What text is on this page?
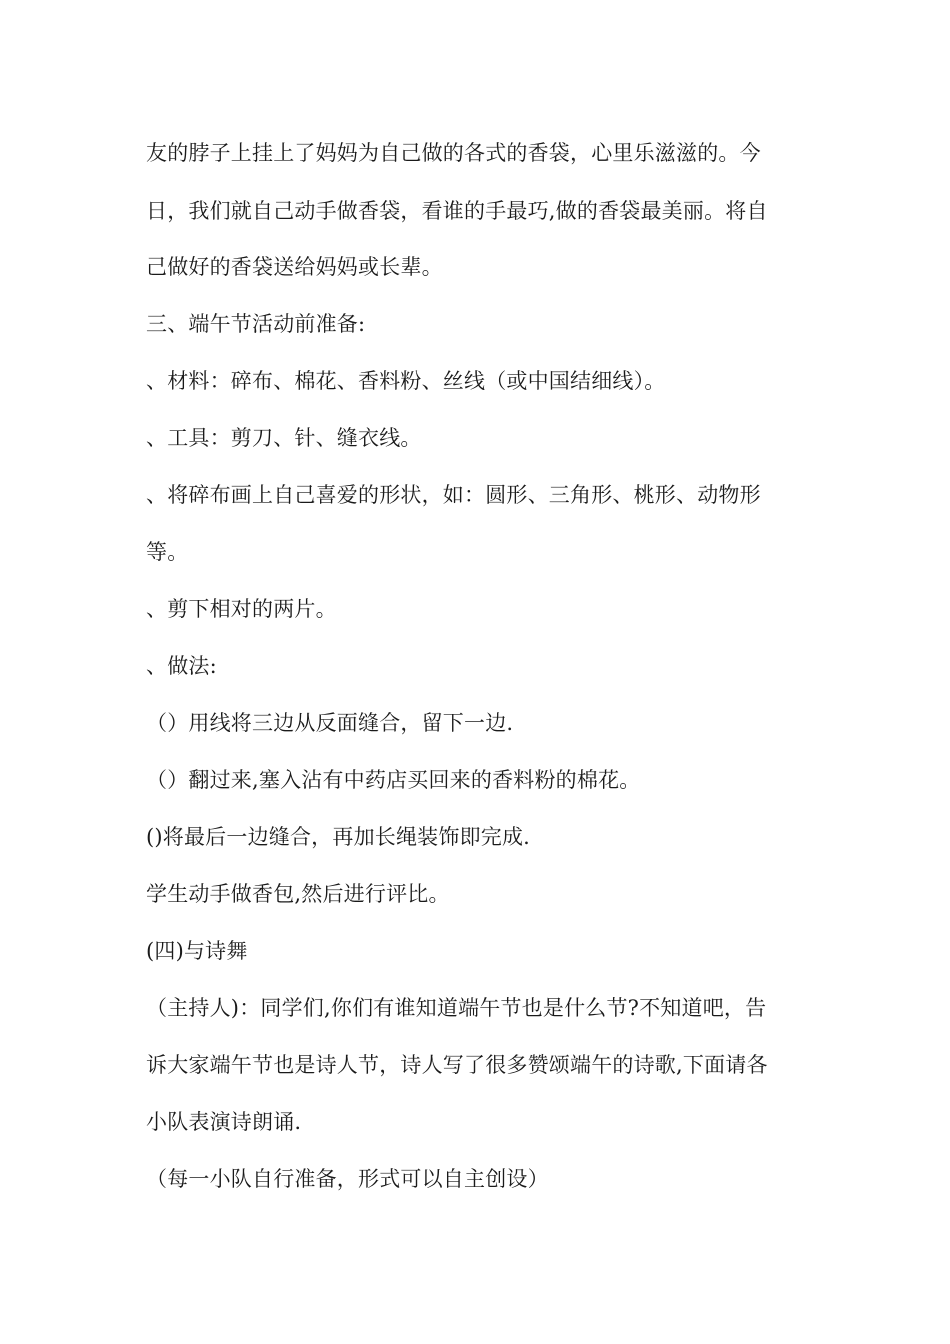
友的脖子上挂上了妈妈为自己做的各式的香袋，心里乐滋滋的。今
日，我们就自己动手做香袋，看谁的手最巧,做的香袋最美丽。将自
己做好的香袋送给妈妈或长辈。
三、端午节活动前准备:
、材料：碎布、棉花、香料粉、丝线（或中国结细线）。
、工具：剪刀、针、缝衣线。
、将碎布画上自己喜爱的形状，如：圆形、三角形、桃形、动物形
等。
、剪下相对的两片。
、做法:
（）用线将三边从反面缝合，留下一边.
（）翻过来,塞入沾有中药店买回来的香料粉的棉花。
()将最后一边缝合，再加长绳装饰即完成.
学生动手做香包,然后进行评比。
(四)与诗舞
（主持人)：同学们,你们有谁知道端午节也是什么节?不知道吧，告
诉大家端午节也是诗人节，诗人写了很多赞颂端午的诗歌,下面请各
小队表演诗朗诵.
（每一小队自行准备，形式可以自主创设）
